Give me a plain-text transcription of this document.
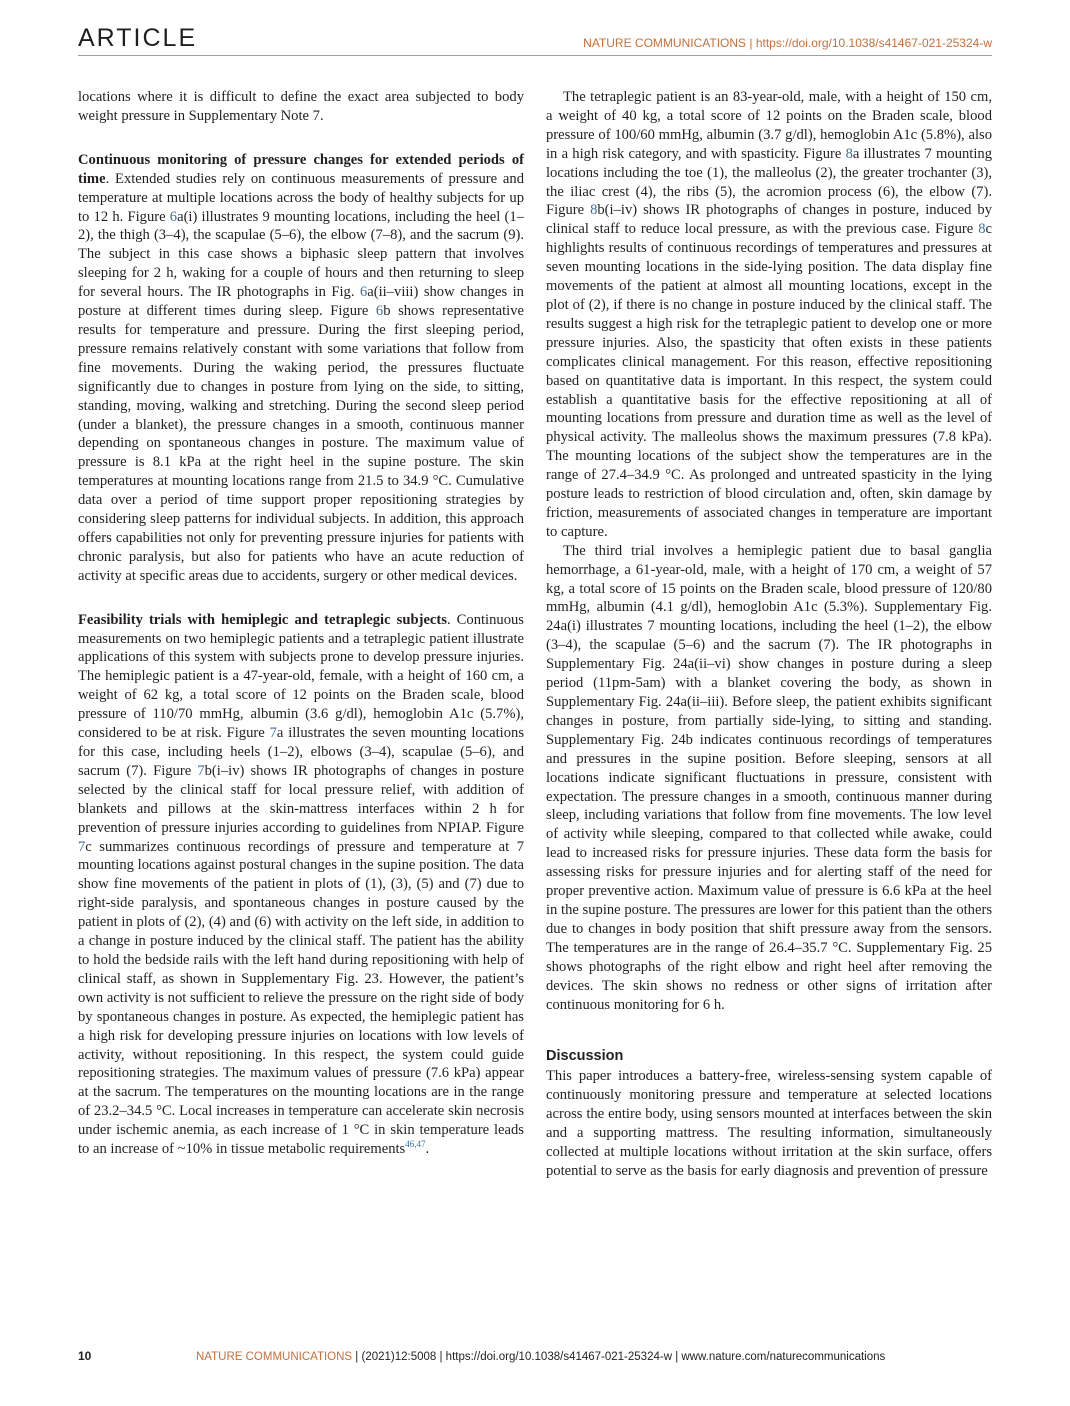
ARTICLE	NATURE COMMUNICATIONS | https://doi.org/10.1038/s41467-021-25324-w

locations where it is difficult to define the exact area subjected to body weight pressure in Supplementary Note 7.

Continuous monitoring of pressure changes for extended periods of time. Extended studies rely on continuous measurements of pressure and temperature at multiple locations across the body of healthy subjects for up to 12 h. Figure 6a(i) illustrates 9 mounting locations, including the heel (1–2), the thigh (3–4), the scapulae (5–6), the elbow (7–8), and the sacrum (9). The subject in this case shows a biphasic sleep pattern that involves sleeping for 2 h, waking for a couple of hours and then returning to sleep for several hours. The IR photographs in Fig. 6a(ii–viii) show changes in posture at different times during sleep. Figure 6b shows representative results for temperature and pressure. During the first sleeping period, pressure remains relatively constant with some variations that follow from fine movements. During the waking period, the pressures fluctuate significantly due to changes in posture from lying on the side, to sitting, standing, moving, walking and stretching. During the second sleep period (under a blanket), the pressure changes in a smooth, continuous manner depending on spontaneous changes in posture. The maximum value of pressure is 8.1 kPa at the right heel in the supine posture. The skin temperatures at mounting locations range from 21.5 to 34.9 °C. Cumulative data over a period of time support proper repositioning strategies by considering sleep patterns for individual subjects. In addition, this approach offers capabilities not only for preventing pressure injuries for patients with chronic paralysis, but also for patients who have an acute reduction of activity at specific areas due to accidents, surgery or other medical devices.

Feasibility trials with hemiplegic and tetraplegic subjects. Continuous measurements on two hemiplegic patients and a tetraplegic patient illustrate applications of this system with subjects prone to develop pressure injuries. The hemiplegic patient is a 47-year-old, female, with a height of 160 cm, a weight of 62 kg, a total score of 12 points on the Braden scale, blood pressure of 110/70 mmHg, albumin (3.6 g/dl), hemoglobin A1c (5.7%), considered to be at risk. Figure 7a illustrates the seven mounting locations for this case, including heels (1–2), elbows (3–4), scapulae (5–6), and sacrum (7). Figure 7b(i–iv) shows IR photographs of changes in posture selected by the clinical staff for local pressure relief, with addition of blankets and pillows at the skin-mattress interfaces within 2 h for prevention of pressure injuries according to guidelines from NPIAP. Figure 7c summarizes continuous recordings of pressure and temperature at 7 mounting locations against postural changes in the supine position. The data show fine movements of the patient in plots of (1), (3), (5) and (7) due to right-side paralysis, and spontaneous changes in posture caused by the patient in plots of (2), (4) and (6) with activity on the left side, in addition to a change in posture induced by the clinical staff. The patient has the ability to hold the bedside rails with the left hand during repositioning with help of clinical staff, as shown in Supplementary Fig. 23. However, the patient’s own activity is not sufficient to relieve the pressure on the right side of body by spontaneous changes in posture. As expected, the hemiplegic patient has a high risk for developing pressure injuries on locations with low levels of activity, without repositioning. In this respect, the system could guide repositioning strategies. The maximum values of pressure (7.6 kPa) appear at the sacrum. The temperatures on the mounting locations are in the range of 23.2–34.5 °C. Local increases in temperature can accelerate skin necrosis under ischemic anemia, as each increase of 1 °C in skin temperature leads to an increase of ~10% in tissue metabolic requirements$^{46,47}$.

The tetraplegic patient is an 83-year-old, male, with a height of 150 cm, a weight of 40 kg, a total score of 12 points on the Braden scale, blood pressure of 100/60 mmHg, albumin (3.7 g/dl), hemoglobin A1c (5.8%), also in a high risk category, and with spasticity. Figure 8a illustrates 7 mounting locations including the toe (1), the malleolus (2), the greater trochanter (3), the iliac crest (4), the ribs (5), the acromion process (6), the elbow (7). Figure 8b(i–iv) shows IR photographs of changes in posture, induced by clinical staff to reduce local pressure, as with the previous case. Figure 8c highlights results of continuous recordings of temperatures and pressures at seven mounting locations in the side-lying position. The data display fine movements of the patient at almost all mounting locations, except in the plot of (2), if there is no change in posture induced by the clinical staff. The results suggest a high risk for the tetraplegic patient to develop one or more pressure injuries. Also, the spasticity that often exists in these patients complicates clinical management. For this reason, effective repositioning based on quantitative data is important. In this respect, the system could establish a quantitative basis for the effective repositioning at all of mounting locations from pressure and duration time as well as the level of physical activity. The malleolus shows the maximum pressures (7.8 kPa). The mounting locations of the subject show the temperatures are in the range of 27.4–34.9 °C. As prolonged and untreated spasticity in the lying posture leads to restriction of blood circulation and, often, skin damage by friction, measurements of associated changes in temperature are important to capture.

The third trial involves a hemiplegic patient due to basal ganglia hemorrhage, a 61-year-old, male, with a height of 170 cm, a weight of 57 kg, a total score of 15 points on the Braden scale, blood pressure of 120/80 mmHg, albumin (4.1 g/dl), hemoglobin A1c (5.3%). Supplementary Fig. 24a(i) illustrates 7 mounting locations, including the heel (1–2), the elbow (3–4), the scapulae (5–6) and the sacrum (7). The IR photographs in Supplementary Fig. 24a(ii–vi) show changes in posture during a sleep period (11pm-5am) with a blanket covering the body, as shown in Supplementary Fig. 24a(ii–iii). Before sleep, the patient exhibits significant changes in posture, from partially side-lying, to sitting and standing. Supplementary Fig. 24b indicates continuous recordings of temperatures and pressures in the supine position. Before sleeping, sensors at all locations indicate significant fluctuations in pressure, consistent with expectation. The pressure changes in a smooth, continuous manner during sleep, including variations that follow from fine movements. The low level of activity while sleeping, compared to that collected while awake, could lead to increased risks for pressure injuries. These data form the basis for assessing risks for pressure injuries and for alerting staff of the need for proper preventive action. Maximum value of pressure is 6.6 kPa at the heel in the supine posture. The pressures are lower for this patient than the others due to changes in body position that shift pressure away from the sensors. The temperatures are in the range of 26.4–35.7 °C. Supplementary Fig. 25 shows photographs of the right elbow and right heel after removing the devices. The skin shows no redness or other signs of irritation after continuous monitoring for 6 h.

Discussion

This paper introduces a battery-free, wireless-sensing system capable of continuously monitoring pressure and temperature at selected locations across the entire body, using sensors mounted at interfaces between the skin and a supporting mattress. The resulting information, simultaneously collected at multiple locations without irritation at the skin surface, offers potential to serve as the basis for early diagnosis and prevention of pressure

10	NATURE COMMUNICATIONS | (2021)12:5008 | https://doi.org/10.1038/s41467-021-25324-w | www.nature.com/naturecommunications
